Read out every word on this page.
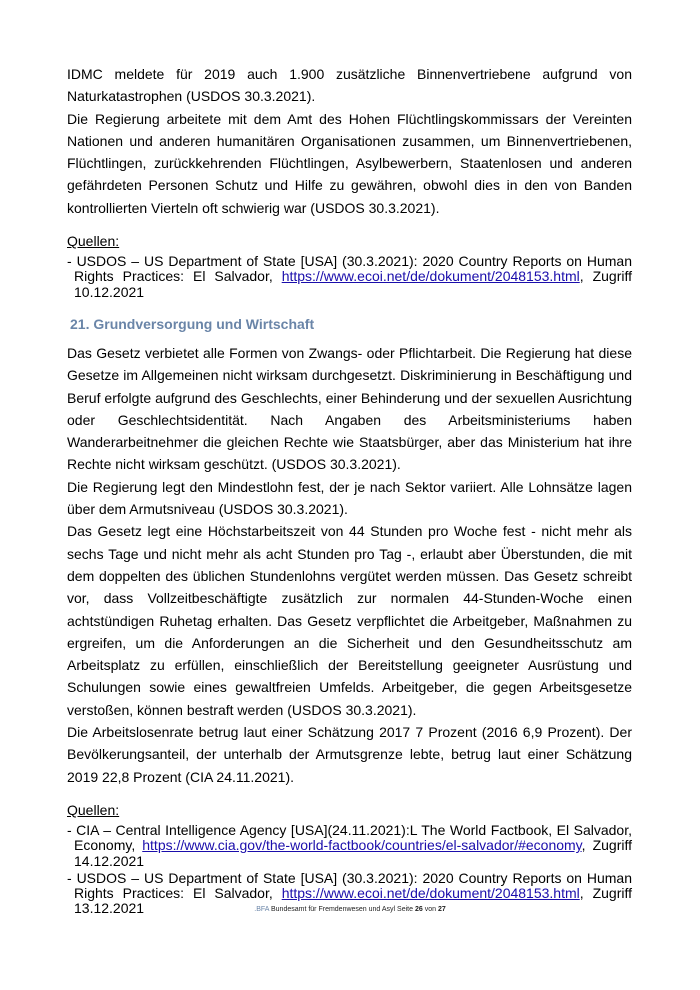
IDMC meldete für 2019 auch 1.900 zusätzliche Binnenvertriebene aufgrund von Naturkatastrophen (USDOS 30.3.2021).

Die Regierung arbeitete mit dem Amt des Hohen Flüchtlingskommissars der Vereinten Nationen und anderen humanitären Organisationen zusammen, um Binnenvertriebenen, Flüchtlingen, zurückkehrenden Flüchtlingen, Asylbewerbern, Staatenlosen und anderen gefährdeten Personen Schutz und Hilfe zu gewähren, obwohl dies in den von Banden kontrollierten Vierteln oft schwierig war (USDOS 30.3.2021).

Quellen:
- USDOS – US Department of State [USA] (30.3.2021): 2020 Country Reports on Human Rights Practices: El Salvador, https://www.ecoi.net/de/dokument/2048153.html, Zugriff 10.12.2021
21. Grundversorgung und Wirtschaft

Das Gesetz verbietet alle Formen von Zwangs- oder Pflichtarbeit. Die Regierung hat diese Gesetze im Allgemeinen nicht wirksam durchgesetzt. Diskriminierung in Beschäftigung und Beruf erfolgte aufgrund des Geschlechts, einer Behinderung und der sexuellen Ausrichtung oder Geschlechtsidentität. Nach Angaben des Arbeitsministeriums haben Wanderarbeitnehmer die gleichen Rechte wie Staatsbürger, aber das Ministerium hat ihre Rechte nicht wirksam geschützt. (USDOS 30.3.2021).

Die Regierung legt den Mindestlohn fest, der je nach Sektor variiert. Alle Lohnsätze lagen über dem Armutsniveau (USDOS 30.3.2021).

Das Gesetz legt eine Höchstarbeitszeit von 44 Stunden pro Woche fest - nicht mehr als sechs Tage und nicht mehr als acht Stunden pro Tag -, erlaubt aber Überstunden, die mit dem doppelten des üblichen Stundenlohns vergütet werden müssen. Das Gesetz schreibt vor, dass Vollzeitbeschäftigte zusätzlich zur normalen 44-Stunden-Woche einen achtstündigen Ruhetag erhalten. Das Gesetz verpflichtet die Arbeitgeber, Maßnahmen zu ergreifen, um die Anforderungen an die Sicherheit und den Gesundheitsschutz am Arbeitsplatz zu erfüllen, einschließlich der Bereitstellung geeigneter Ausrüstung und Schulungen sowie eines gewaltfreien Umfelds. Arbeitgeber, die gegen Arbeitsgesetze verstoßen, können bestraft werden (USDOS 30.3.2021).

Die Arbeitslosenrate betrug laut einer Schätzung 2017 7 Prozent (2016 6,9 Prozent). Der Bevölkerungsanteil, der unterhalb der Armutsgrenze lebte, betrug laut einer Schätzung 2019 22,8 Prozent (CIA 24.11.2021).

Quellen:
- CIA – Central Intelligence Agency [USA](24.11.2021):L The World Factbook, El Salvador, Economy, https://www.cia.gov/the-world-factbook/countries/el-salvador/#economy, Zugriff 14.12.2021
- USDOS – US Department of State [USA] (30.3.2021): 2020 Country Reports on Human Rights Practices: El Salvador, https://www.ecoi.net/de/dokument/2048153.html, Zugriff 13.12.2021	.BFA Bundesamt für Fremdenwesen und Asyl Seite 26 von 27
